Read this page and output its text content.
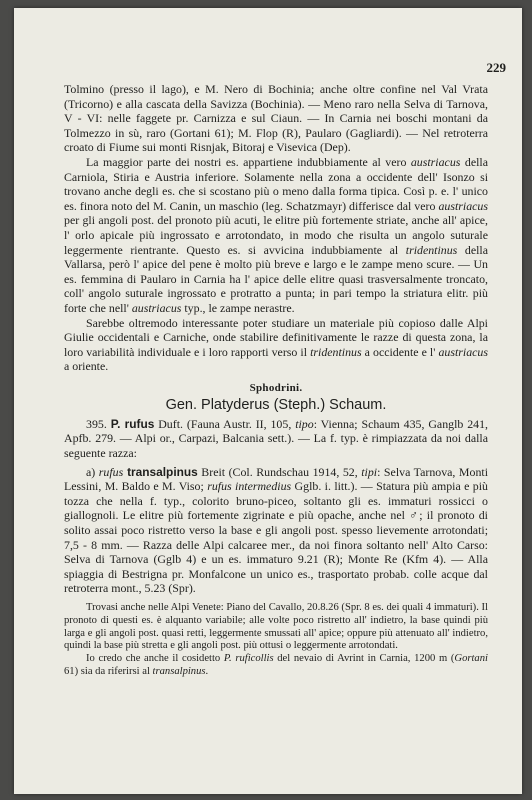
229

Tolmino (presso il lago), e M. Nero di Bochinia; anche oltre confine nel Val Vrata (Tricorno) e alla cascata della Savizza (Bochinia). — Meno raro nella Selva di Tarnova, V - VI: nelle faggete pr. Carnizza e sul Ciaun. — In Carnia nei boschi montani da Tolmezzo in sù, raro (Gortani 61); M. Flop (R), Paularo (Gagliardi). — Nel retroterra croato di Fiume sui monti Risnjak, Bitoraj e Visevica (Dep).

La maggior parte dei nostri es. appartiene indubbiamente al vero austriacus della Carniola, Stiria e Austria inferiore. Solamente nella zona a occidente dell' Isonzo si trovano anche degli es. che si scostano più o meno dalla forma tipica. Così p. e. l' unico es. finora noto del M. Canin, un maschio (leg. Schatzmayr) differisce dal vero austriacus per gli angoli post. del pronoto più acuti, le elitre più fortemente striate, anche all' apice, l' orlo apicale più ingrossato e arrotondato, in modo che risulta un angolo suturale leggermente rientrante. Questo es. si avvicina indubbiamente al tridentinus della Vallarsa, però l' apice del pene è molto più breve e largo e le zampe meno scure. — Un es. femmina di Paularo in Carnia ha l' apice delle elitre quasi trasversalmente troncato, coll' angolo suturale ingrossato e protratto a punta; in pari tempo la striatura elitr. più forte che nell' austriacus typ., le zampe nerastre.

Sarebbe oltremodo interessante poter studiare un materiale più copioso dalle Alpi Giulie occidentali e Carniche, onde stabilire definitivamente le razze di questa zona, la loro variabilità individuale e i loro rapporti verso il tridentinus a occidente e l' austriacus a oriente.

Sphodrini.
Gen. Platyderus (Steph.) Schaum.

395. P. rufus Duft. (Fauna Austr. II, 105, tipo: Vienna; Schaum 435, Ganglb 241, Apfb. 279. — Alpi or., Carpazi, Balcania sett.). — La f. typ. è rimpiazzata da noi dalla seguente razza:

a) rufus transalpinus Breit (Col. Rundschau 1914, 52, tipi: Selva Tarnova, Monti Lessini, M. Baldo e M. Viso; rufus intermedius Gglb. i. litt.). — Statura più ampia e più tozza che nella f. typ., colorito bruno-piceo, soltanto gli es. immaturi rossicci o giallognoli. Le elitre più fortemente zigrinate e più opache, anche nel ♂; il pronoto di solito assai poco ristretto verso la base e gli angoli post. spesso lievemente arrotondati; 7,5 - 8 mm. — Razza delle Alpi calcaree mer., da noi finora soltanto nell' Alto Carso: Selva di Tarnova (Gglb 4) e un es. immaturo 9.21 (R); Monte Re (Kfm 4). — Alla spiaggia di Bestrigna pr. Monfalcone un unico es., trasportato probab. colle acque dal retroterra mont., 5.23 (Spr).

Trovasi anche nelle Alpi Venete: Piano del Cavallo, 20.8.26 (Spr. 8 es. dei quali 4 immaturi). Il pronoto di questi es. è alquanto variabile; alle volte poco ristretto all' indietro, la base quindi più larga e gli angoli post. quasi retti, leggermente smussati all' apice; oppure più attenuato all' indietro, quindi la base più stretta e gli angoli post. più ottusi o leggermente arrotondati.

Io credo che anche il cosidetto P. ruficollis del nevaio di Avrint in Carnia, 1200 m (Gortani 61) sia da riferirsi al transalpinus.
